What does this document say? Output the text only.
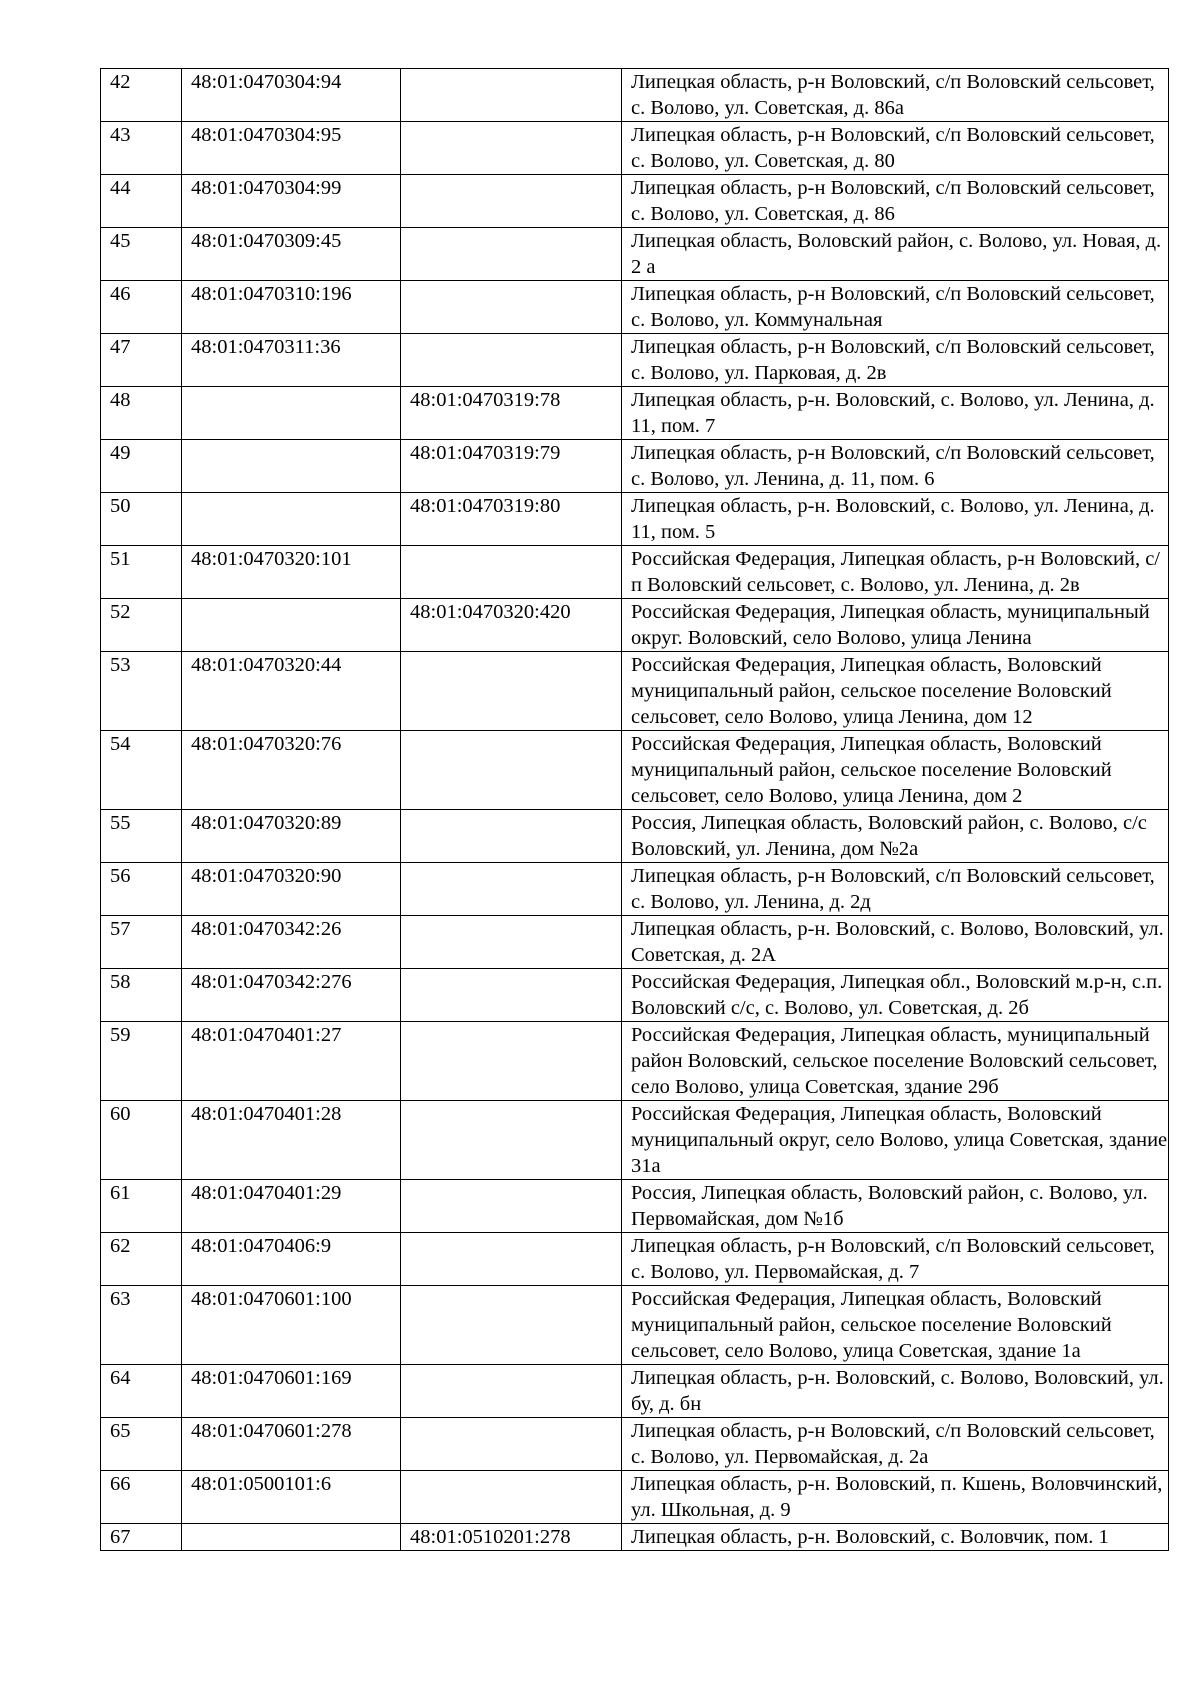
42	48:01:0470304:94		Липецкая область, р-н Воловский, с/п Воловский сельсовет, с. Волово, ул. Советская, д. 86а
43	48:01:0470304:95		Липецкая область, р-н Воловский, с/п Воловский сельсовет, с. Волово, ул. Советская, д. 80
44	48:01:0470304:99		Липецкая область, р-н Воловский, с/п Воловский сельсовет, с. Волово, ул. Советская, д. 86
45	48:01:0470309:45		Липецкая область, Воловский район, с. Волово, ул. Новая, д. 2 а
46	48:01:0470310:196		Липецкая область, р-н Воловский, с/п Воловский сельсовет, с. Волово, ул. Коммунальная
47	48:01:0470311:36		Липецкая область, р-н Воловский, с/п Воловский сельсовет, с. Волово, ул. Парковая, д. 2в
48		48:01:0470319:78	Липецкая область, р-н. Воловский, с. Волово, ул. Ленина, д. 11, пом. 7
49		48:01:0470319:79	Липецкая область, р-н Воловский, с/п Воловский сельсовет, с. Волово, ул. Ленина, д. 11, пом. 6
50		48:01:0470319:80	Липецкая область, р-н. Воловский, с. Волово, ул. Ленина, д. 11, пом. 5
51	48:01:0470320:101		Российская Федерация, Липецкая область, р-н Воловский, с/п Воловский сельсовет, с. Волово, ул. Ленина, д. 2в
52		48:01:0470320:420	Российская Федерация, Липецкая область, муниципальный округ. Воловский, село Волово, улица Ленина
53	48:01:0470320:44		Российская Федерация, Липецкая область, Воловский муниципальный район, сельское поселение Воловский сельсовет, село Волово, улица Ленина, дом 12
54	48:01:0470320:76		Российская Федерация, Липецкая область, Воловский муниципальный район, сельское поселение Воловский сельсовет, село Волово, улица Ленина, дом 2
55	48:01:0470320:89		Россия, Липецкая область, Воловский район, с. Волово, с/с Воловский, ул. Ленина, дом №2а
56	48:01:0470320:90		Липецкая область, р-н Воловский, с/п Воловский сельсовет, с. Волово, ул. Ленина, д. 2д
57	48:01:0470342:26		Липецкая область, р-н. Воловский, с. Волово, Воловский, ул. Советская, д. 2А
58	48:01:0470342:276		Российская Федерация, Липецкая обл., Воловский м.р-н, с.п. Воловский с/с, с. Волово, ул. Советская, д. 2б
59	48:01:0470401:27		Российская Федерация, Липецкая область, муниципальный район Воловский, сельское поселение Воловский сельсовет, село Волово, улица Советская, здание 29б
60	48:01:0470401:28		Российская Федерация, Липецкая область, Воловский муниципальный округ, село Волово, улица Советская, здание 31а
61	48:01:0470401:29		Россия, Липецкая область, Воловский район, с. Волово, ул. Первомайская, дом №1б
62	48:01:0470406:9		Липецкая область, р-н Воловский, с/п Воловский сельсовет, с. Волово, ул. Первомайская, д. 7
63	48:01:0470601:100		Российская Федерация, Липецкая область, Воловский муниципальный район, сельское поселение Воловский сельсовет, село Волово, улица Советская, здание 1а
64	48:01:0470601:169		Липецкая область, р-н. Воловский, с. Волово, Воловский, ул. бу, д. бн
65	48:01:0470601:278		Липецкая область, р-н Воловский, с/п Воловский сельсовет, с. Волово, ул. Первомайская, д. 2а
66	48:01:0500101:6		Липецкая область, р-н. Воловский, п. Кшень, Воловчинский, ул. Школьная, д. 9
67		48:01:0510201:278	Липецкая область, р-н. Воловский, с. Воловчик, пом. 1
